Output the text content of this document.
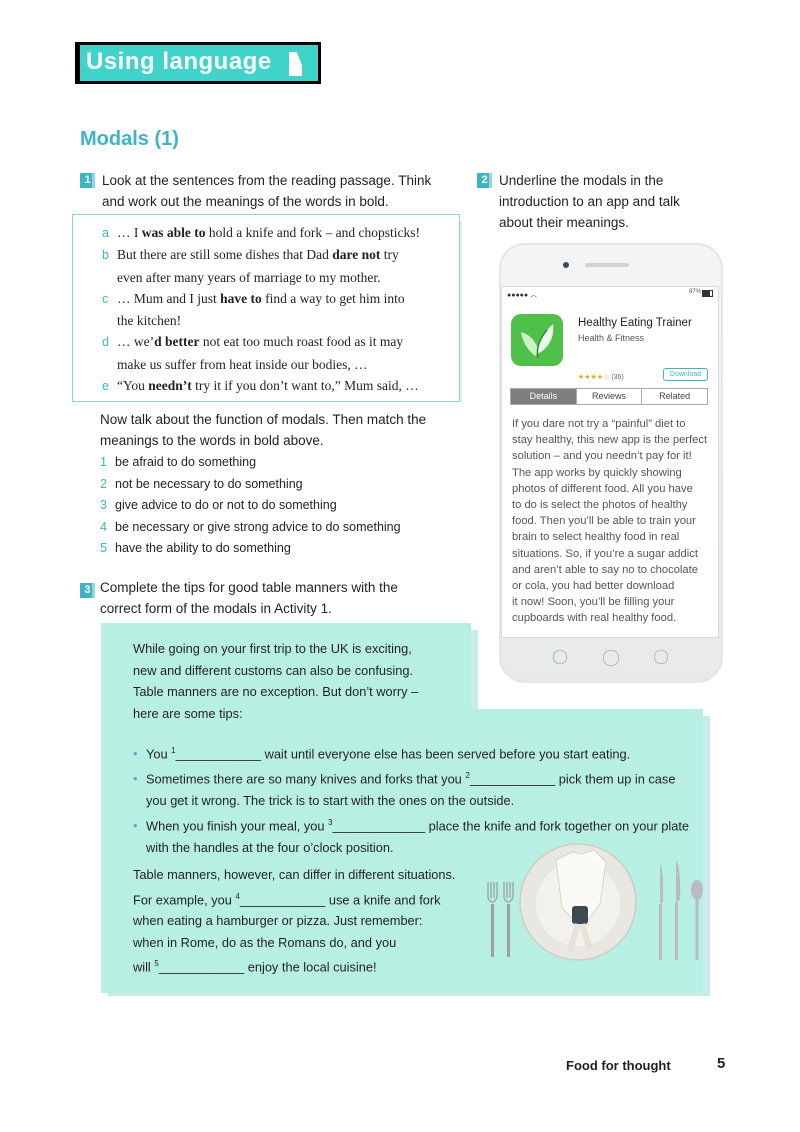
Using language
Modals (1)
1 Look at the sentences from the reading passage. Think
and work out the meanings of the words in bold.
a … I was able to hold a knife and fork – and chopsticks!
b But there are still some dishes that Dad dare not try
even after many years of marriage to my mother.
c … Mum and I just have to find a way to get him into
the kitchen!
d … we’d better not eat too much roast food as it may
make us suffer from heat inside our bodies, …
e “You needn’t try it if you don’t want to,” Mum said, …
Now talk about the function of modals. Then match the
meanings to the words in bold above.
1 be afraid to do something
2 not be necessary to do something
3 give advice to do or not to do something
4 be necessary or give strong advice to do something
5 have the ability to do something
2 Underline the modals in the
introduction to an app and talk
about their meanings.
●●●●● ︵	87%
Healthy Eating Trainer
Health & Fitness
★★★★☆ (36)	Download
Details	Reviews	Related
If you dare not try a “painful” diet to
stay healthy, this new app is the perfect
solution – and you needn’t pay for it!
The app works by quickly showing
photos of different food. All you have
to do is select the photos of healthy
food. Then you’ll be able to train your
brain to select healthy food in real
situations. So, if you’re a sugar addict
and aren’t able to say no to chocolate
or cola, you had better download
it now! Soon, you’ll be filling your
cupboards with real healthy food.
3 Complete the tips for good table manners with the
correct form of the modals in Activity 1.
While going on your first trip to the UK is exciting,
new and different customs can also be confusing.
Table manners are no exception. But don’t worry –
here are some tips:
• You $^1$____________ wait until everyone else has been served before you start eating.
• Sometimes there are so many knives and forks that you $^2$____________ pick them up in case
you get it wrong. The trick is to start with the ones on the outside.
• When you finish your meal, you $^3$_____________ place the knife and fork together on your plate
with the handles at the four o’clock position.
Table manners, however, can differ in different situations.
For example, you $^4$____________ use a knife and fork
when eating a hamburger or pizza. Just remember:
when in Rome, do as the Romans do, and you
will $^5$____________ enjoy the local cuisine!
Food for thought	5
